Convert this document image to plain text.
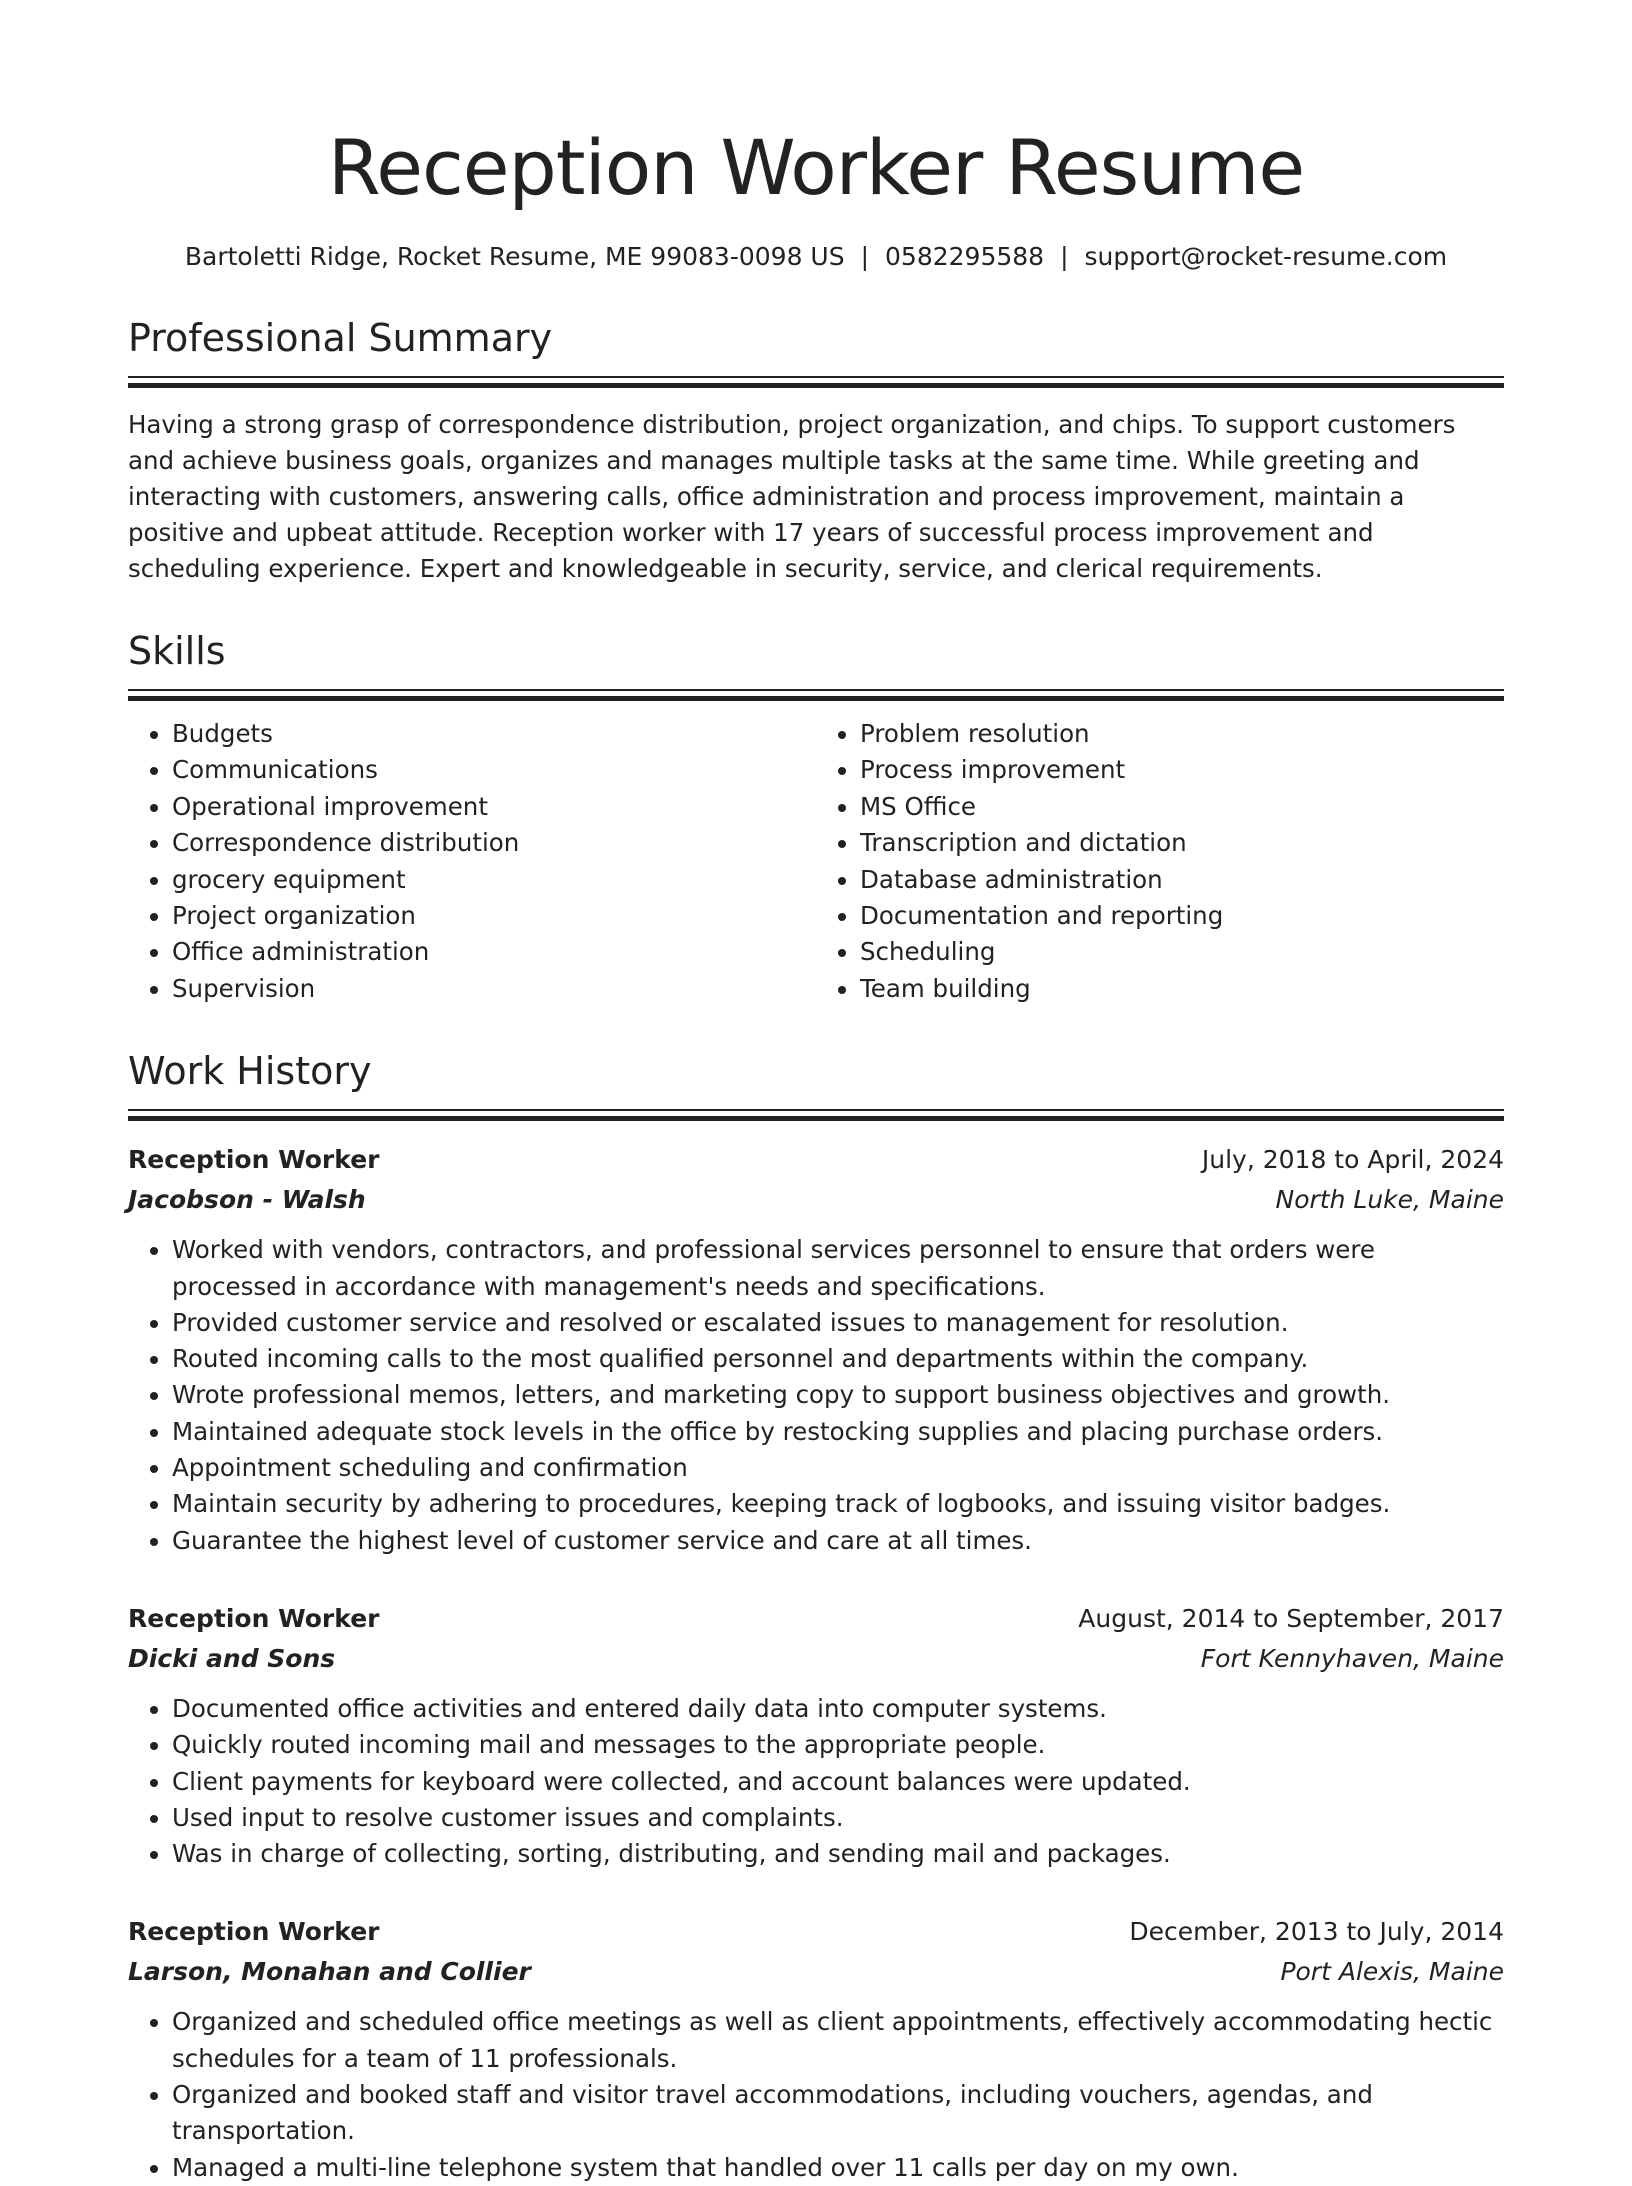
Reception Worker Resume
Bartoletti Ridge, Rocket Resume, ME 99083-0098 US | 0582295588 | support@rocket-resume.com
Professional Summary

Having a strong grasp of correspondence distribution, project organization, and chips. To support customers and achieve business goals, organizes and manages multiple tasks at the same time. While greeting and interacting with customers, answering calls, office administration and process improvement, maintain a positive and upbeat attitude. Reception worker with 17 years of successful process improvement and scheduling experience. Expert and knowledgeable in security, service, and clerical requirements.

Skills
• Budgets
• Communications
• Operational improvement
• Correspondence distribution
• grocery equipment
• Project organization
• Office administration
• Supervision
• Problem resolution
• Process improvement
• MS Office
• Transcription and dictation
• Database administration
• Documentation and reporting
• Scheduling
• Team building
Work History
Reception Worker	July, 2018 to April, 2024
Jacobson - Walsh	North Luke, Maine
• Worked with vendors, contractors, and professional services personnel to ensure that orders were processed in accordance with management's needs and specifications.
• Provided customer service and resolved or escalated issues to management for resolution.
• Routed incoming calls to the most qualified personnel and departments within the company.
• Wrote professional memos, letters, and marketing copy to support business objectives and growth.
• Maintained adequate stock levels in the office by restocking supplies and placing purchase orders.
• Appointment scheduling and confirmation
• Maintain security by adhering to procedures, keeping track of logbooks, and issuing visitor badges.
• Guarantee the highest level of customer service and care at all times.
Reception Worker	August, 2014 to September, 2017
Dicki and Sons	Fort Kennyhaven, Maine
• Documented office activities and entered daily data into computer systems.
• Quickly routed incoming mail and messages to the appropriate people.
• Client payments for keyboard were collected, and account balances were updated.
• Used input to resolve customer issues and complaints.
• Was in charge of collecting, sorting, distributing, and sending mail and packages.
Reception Worker	December, 2013 to July, 2014
Larson, Monahan and Collier	Port Alexis, Maine
• Organized and scheduled office meetings as well as client appointments, effectively accommodating hectic schedules for a team of 11 professionals.
• Organized and booked staff and visitor travel accommodations, including vouchers, agendas, and transportation.
• Managed a multi-line telephone system that handled over 11 calls per day on my own.
